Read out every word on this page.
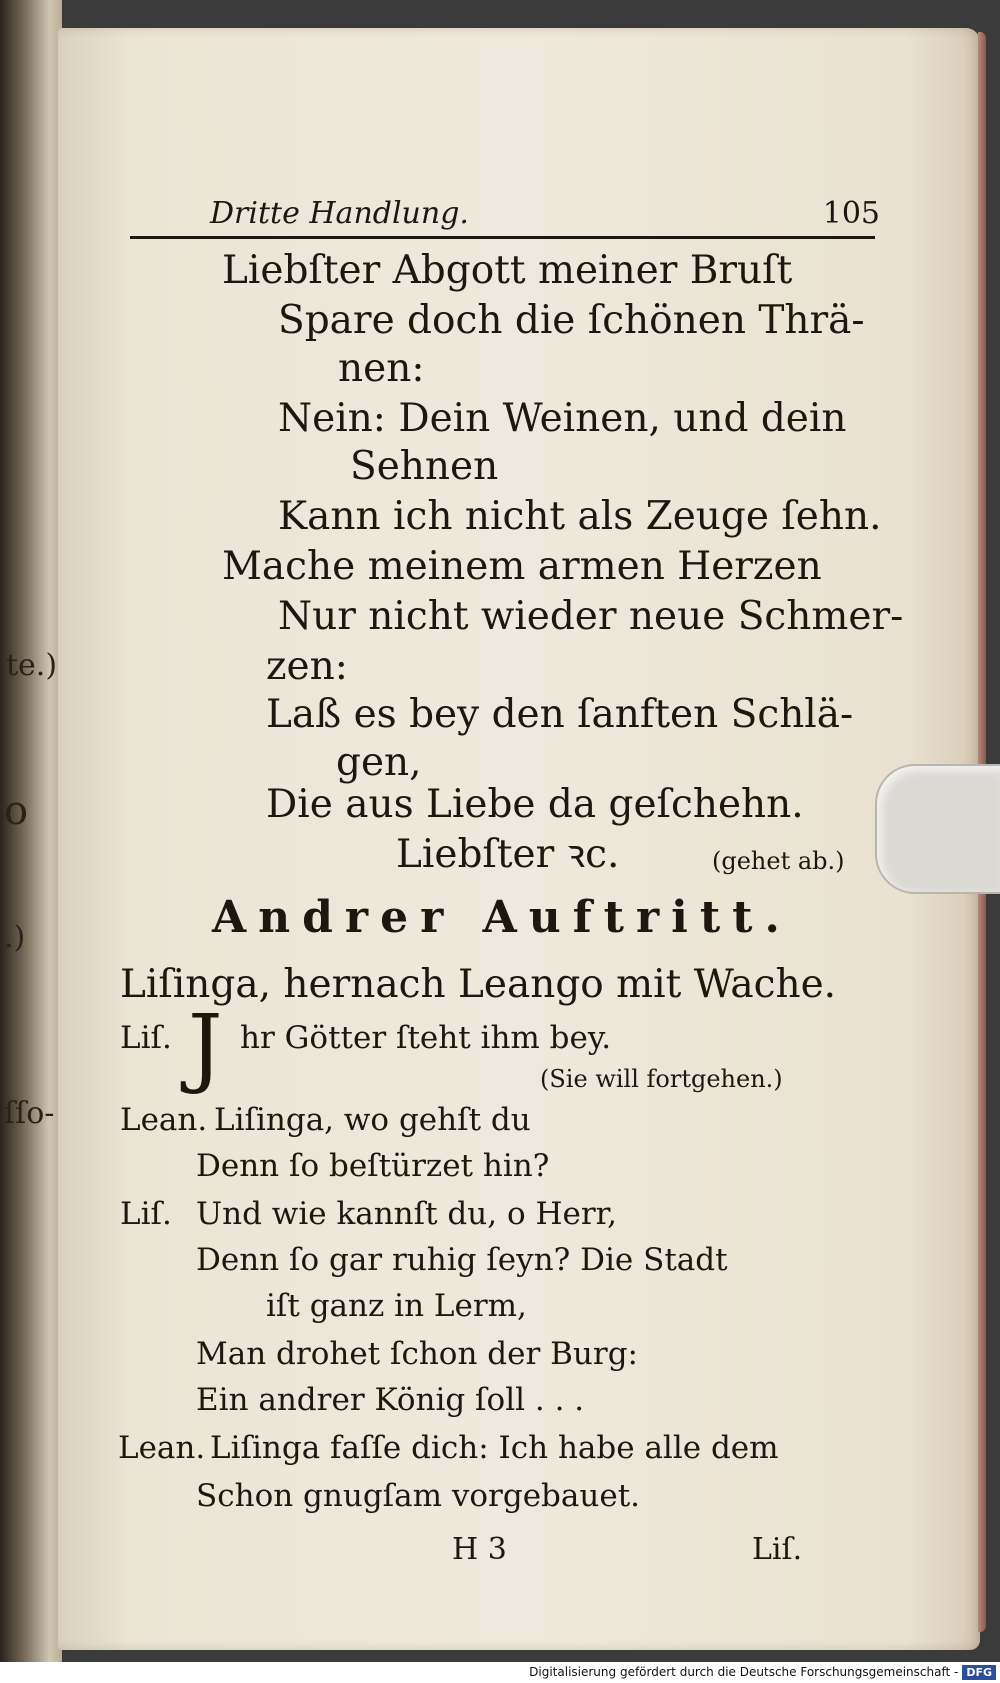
te.)
o
.)
ſſo-
Dritte Handlung.	105
Liebſter Abgott meiner Bruſt
Spare doch die ſchönen Thrä-
nen:
Nein: Dein Weinen, und dein
Sehnen
Kann ich nicht als Zeuge ſehn.
Mache meinem armen Herzen
Nur nicht wieder neue Schmer-
zen:
Laß es bey den ſanften Schlä-
gen,
Die aus Liebe da geſchehn.
Liebſter ꝛc.	(gehet ab.)
Andrer Auftritt.
Liſinga, hernach Leango mit Wache.
Liſ. J hr Götter ſteht ihm bey.
(Sie will fortgehen.)
Lean. Liſinga, wo gehſt du
Denn ſo beſtürzet hin?
Liſ. Und wie kannſt du, o Herr,
Denn ſo gar ruhig ſeyn? Die Stadt
iſt ganz in Lerm,
Man drohet ſchon der Burg:
Ein andrer König ſoll . . .
Lean. Liſinga faſſe dich: Ich habe alle dem
Schon gnugſam vorgebauet.
H 3	Liſ.
Digitalisierung gefördert durch die Deutsche Forschungsgemeinschaft - DFG
